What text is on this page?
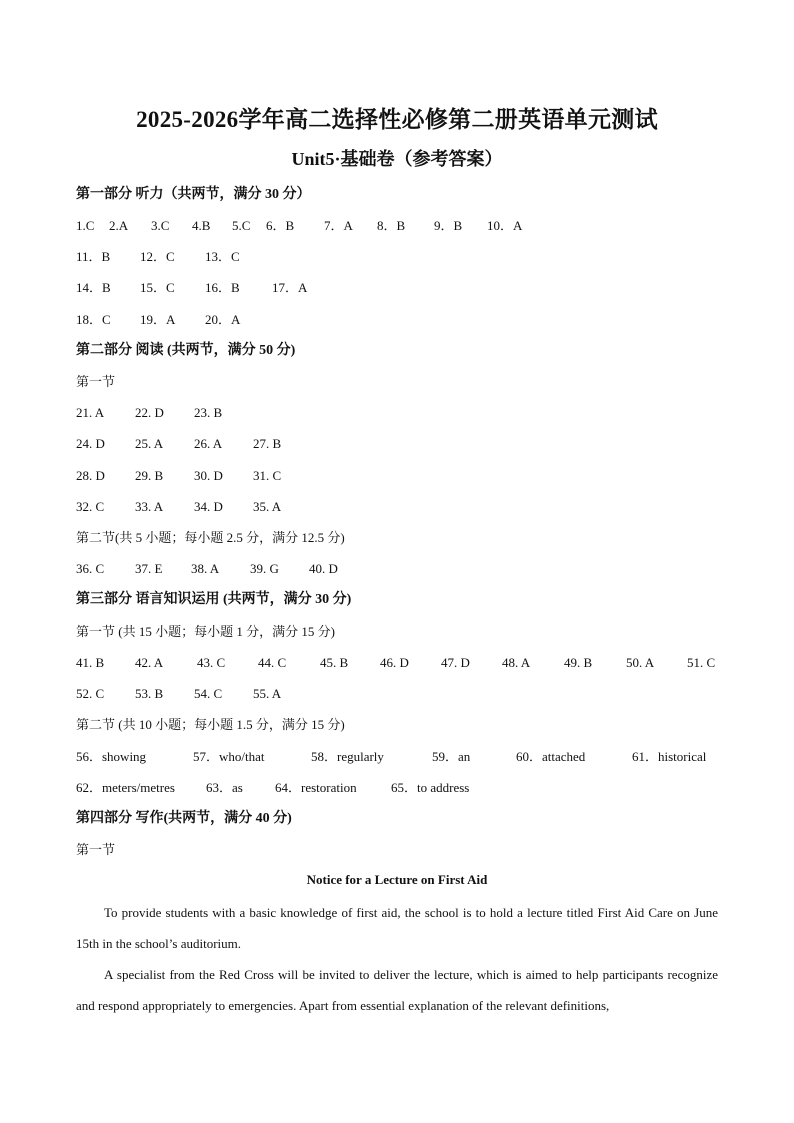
2025-2026学年高二选择性必修第二册英语单元测试
Unit5·基础卷（参考答案）
第一部分 听力（共两节，满分 30 分）
1.C 2.A 3.C 4.B 5.C 6．B 7．A 8．B 9．B 10．A
11．B 12．C 13．C
14．B 15．C 16．B 17．A
18．C 19．A 20．A
第二部分 阅读 (共两节，满分 50 分)
第一节
21. A 22. D 23. B
24. D 25. A 26. A 27. B
28. D 29. B 30. D 31. C
32. C 33. A 34. D 35. A
第二节(共 5 小题；每小题 2.5 分，满分 12.5 分)
36. C 37. E 38. A 39. G 40. D
第三部分 语言知识运用 (共两节，满分 30 分)
第一节 (共 15 小题；每小题 1 分，满分 15 分)
41. B 42. A	43. C	44. C	45. B 46. D 47. D 48. A	49. B	50. A	51. C
52. C 53. B 54. C 55. A
第二节 (共 10 小题；每小题 1.5 分，满分 15 分)
56．showing	57．who/that	58．regularly	59．an	60．attached	61．historical
62．meters/metres 63．as 64．restoration	65．to address
第四部分 写作(共两节，满分 40 分)
第一节
Notice for a Lecture on First Aid
To provide students with a basic knowledge of first aid, the school is to hold a lecture titled First Aid Care on June 15th in the school’s auditorium.
A specialist from the Red Cross will be invited to deliver the lecture, which is aimed to help participants recognize and respond appropriately to emergencies. Apart from essential explanation of the relevant definitions,
